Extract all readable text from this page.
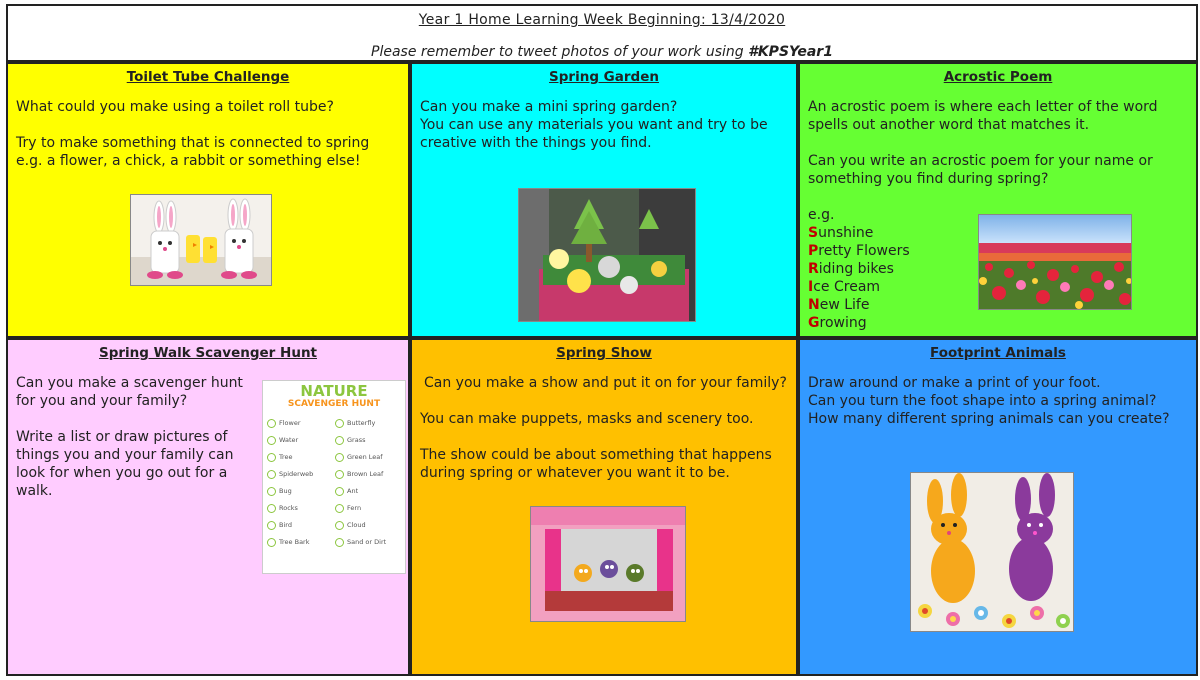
Year 1 Home Learning Week Beginning: 13/4/2020
Please remember to tweet photos of your work using #KPSYear1
Toilet Tube Challenge

What could you make using a toilet roll tube?

Try to make something that is connected to spring e.g. a flower, a chick, a rabbit or something else!

Spring Garden
Can you make a mini spring garden?
You can use any materials you want and try to be creative with the things you find.
Acrostic Poem

An acrostic poem is where each letter of the word spells out another word that matches it.

Can you write an acrostic poem for your name or something you find during spring?

e.g.
Sunshine
Pretty Flowers
Riding bikes
Ice Cream
New Life
Growing
Spring Walk Scavenger Hunt

Can you make a scavenger hunt for you and your family?

Write a list or draw pictures of things you and your family can look for when you go out for a walk.

NATURE
SCAVENGER HUNT
Flower	Butterfly
Water	Grass
Tree	Green Leaf
Spiderweb	Brown Leaf
Bug	Ant
Rocks	Fern
Bird	Cloud
Tree Bark	Sand or Dirt
Spring Show

Can you make a show and put it on for your family?

You can make puppets, masks and scenery too.

The show could be about something that happens during spring or whatever you want it to be.

Footprint Animals
Draw around or make a print of your foot.
Can you turn the foot shape into a spring animal?
How many different spring animals can you create?
